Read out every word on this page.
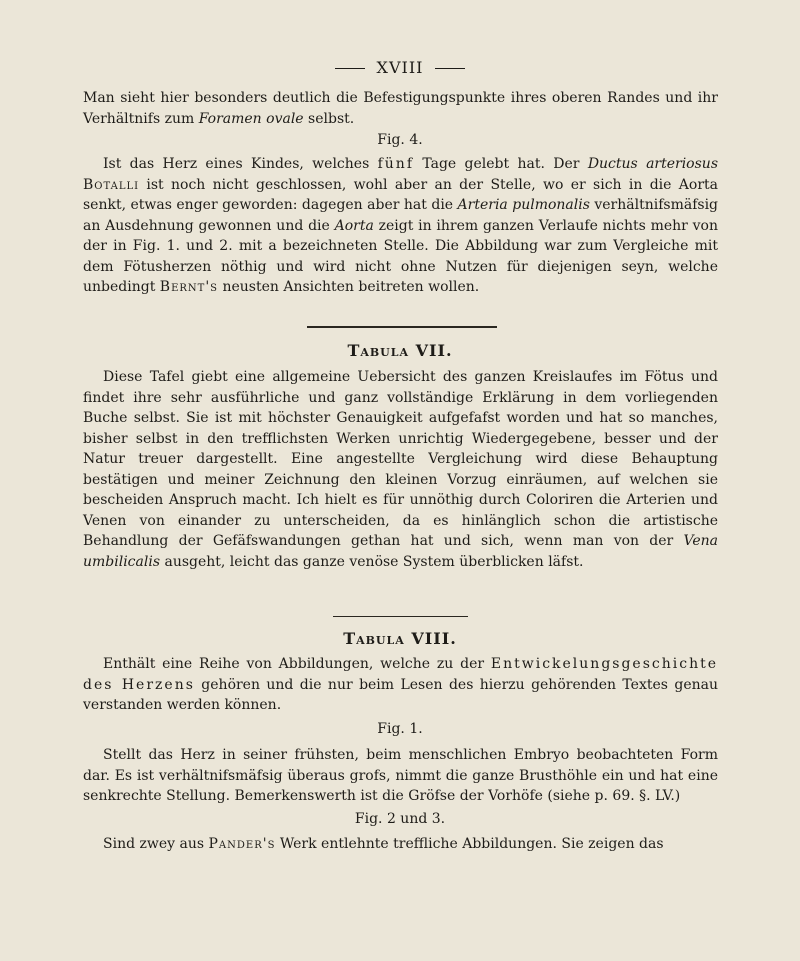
XVIII

Man sieht hier besonders deutlich die Befestigungspunkte ihres oberen Randes und ihr Verhältnifs zum Foramen ovale selbst.

Fig. 4.

Ist das Herz eines Kindes, welches fünf Tage gelebt hat. Der Ductus arteriosus Botalli ist noch nicht geschlossen, wohl aber an der Stelle, wo er sich in die Aorta senkt, etwas enger geworden: dagegen aber hat die Arteria pulmonalis verhältnifsmäfsig an Ausdehnung gewonnen und die Aorta zeigt in ihrem ganzen Verlaufe nichts mehr von der in Fig. 1. und 2. mit a bezeichneten Stelle. Die Abbildung war zum Vergleiche mit dem Fötusherzen nöthig und wird nicht ohne Nutzen für diejenigen seyn, welche unbedingt Bernt's neusten Ansichten beitreten wollen.

Tabula VII.

Diese Tafel giebt eine allgemeine Uebersicht des ganzen Kreislaufes im Fötus und findet ihre sehr ausführliche und ganz vollständige Erklärung in dem vorliegenden Buche selbst. Sie ist mit höchster Genauigkeit aufgefafst worden und hat so manches, bisher selbst in den trefflichsten Werken unrichtig Wiedergegebene, besser und der Natur treuer dargestellt. Eine angestellte Vergleichung wird diese Behauptung bestätigen und meiner Zeichnung den kleinen Vorzug einräumen, auf welchen sie bescheiden Anspruch macht. Ich hielt es für unnöthig durch Coloriren die Arterien und Venen von einander zu unterscheiden, da es hinlänglich schon die artistische Behandlung der Gefäfswandungen gethan hat und sich, wenn man von der Vena umbilicalis ausgeht, leicht das ganze venöse System überblicken läfst.

Tabula VIII.

Enthält eine Reihe von Abbildungen, welche zu der Entwickelungsgeschichte des Herzens gehören und die nur beim Lesen des hierzu gehörenden Textes genau verstanden werden können.

Fig. 1.

Stellt das Herz in seiner frühsten, beim menschlichen Embryo beobachteten Form dar. Es ist verhältnifsmäfsig überaus grofs, nimmt die ganze Brusthöhle ein und hat eine senkrechte Stellung. Bemerkenswerth ist die Gröfse der Vorhöfe (siehe p. 69. §. LV.)

Fig. 2 und 3.

Sind zwey aus Pander's Werk entlehnte treffliche Abbildungen. Sie zeigen das
